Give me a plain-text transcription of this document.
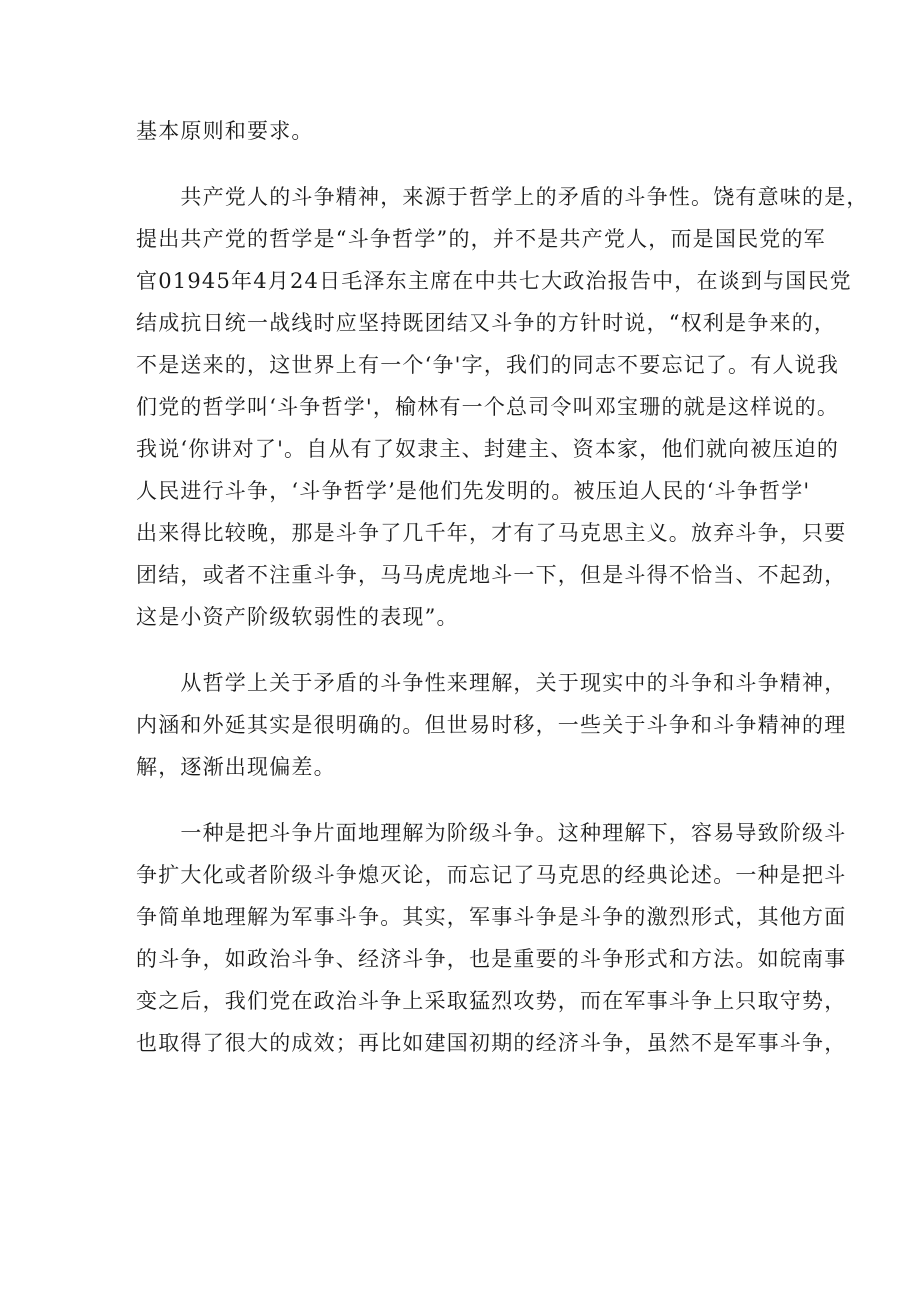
基本原则和要求。
　　共产党人的斗争精神，来源于哲学上的矛盾的斗争性。饶有意味的是，
提出共产党的哲学是“斗争哲学”的，并不是共产党人，而是国民党的军
官01945年4月24日毛泽东主席在中共七大政治报告中，在谈到与国民党
结成抗日统一战线时应坚持既团结又斗争的方针时说，“权利是争来的，
不是送来的，这世界上有一个‘争'字，我们的同志不要忘记了。有人说我
们党的哲学叫‘斗争哲学'，榆林有一个总司令叫邓宝珊的就是这样说的。
我说‘你讲对了'。自从有了奴隶主、封建主、资本家，他们就向被压迫的
人民进行斗争，‘斗争哲学’是他们先发明的。被压迫人民的‘斗争哲学'
出来得比较晚，那是斗争了几千年，才有了马克思主义。放弃斗争，只要
团结，或者不注重斗争，马马虎虎地斗一下，但是斗得不恰当、不起劲，
这是小资产阶级软弱性的表现”。
　　从哲学上关于矛盾的斗争性来理解，关于现实中的斗争和斗争精神，
内涵和外延其实是很明确的。但世易时移，一些关于斗争和斗争精神的理
解，逐渐出现偏差。
　　一种是把斗争片面地理解为阶级斗争。这种理解下，容易导致阶级斗
争扩大化或者阶级斗争熄灭论，而忘记了马克思的经典论述。一种是把斗
争简单地理解为军事斗争。其实，军事斗争是斗争的激烈形式，其他方面
的斗争，如政治斗争、经济斗争，也是重要的斗争形式和方法。如皖南事
变之后，我们党在政治斗争上采取猛烈攻势，而在军事斗争上只取守势，
也取得了很大的成效；再比如建国初期的经济斗争，虽然不是军事斗争，
